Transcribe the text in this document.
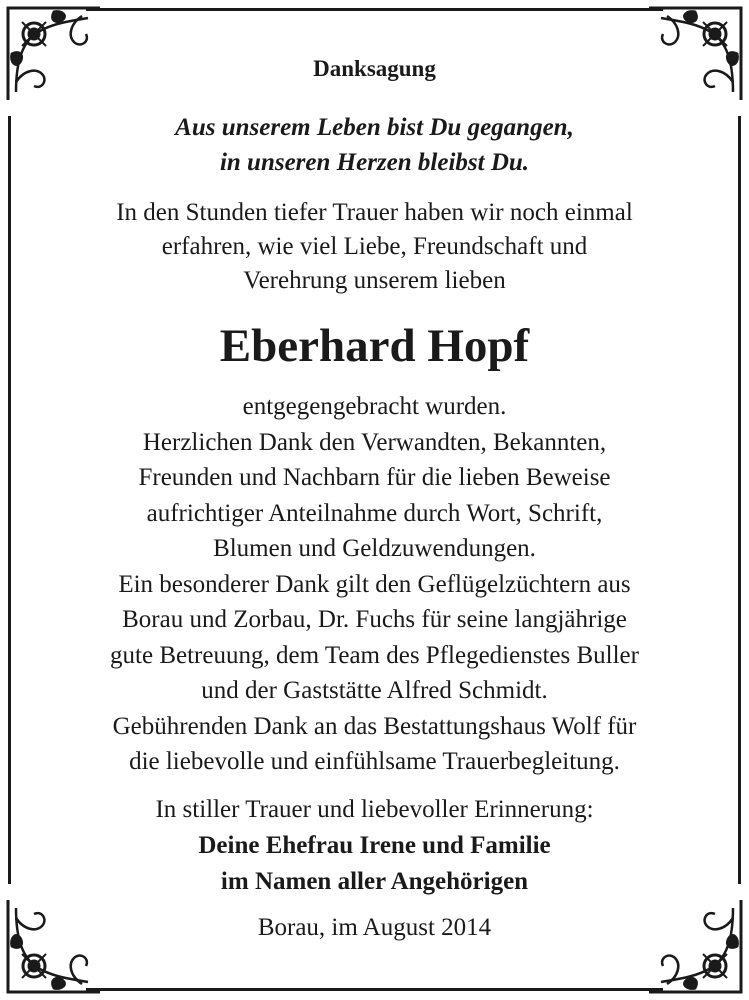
Danksagung
Aus unserem Leben bist Du gegangen,
in unseren Herzen bleibst Du.
In den Stunden tiefer Trauer haben wir noch einmal
erfahren, wie viel Liebe, Freundschaft und
Verehrung unserem lieben
Eberhard Hopf
entgegengebracht wurden.
Herzlichen Dank den Verwandten, Bekannten,
Freunden und Nachbarn für die lieben Beweise
aufrichtiger Anteilnahme durch Wort, Schrift,
Blumen und Geldzuwendungen.
Ein besonderer Dank gilt den Geflügelzüchtern aus
Borau und Zorbau, Dr. Fuchs für seine langjährige
gute Betreuung, dem Team des Pflegedienstes Buller
und der Gaststätte Alfred Schmidt.
Gebührenden Dank an das Bestattungshaus Wolf für
die liebevolle und einfühlsame Trauerbegleitung.
In stiller Trauer und liebevoller Erinnerung:
Deine Ehefrau Irene und Familie
im Namen aller Angehörigen
Borau, im August 2014
